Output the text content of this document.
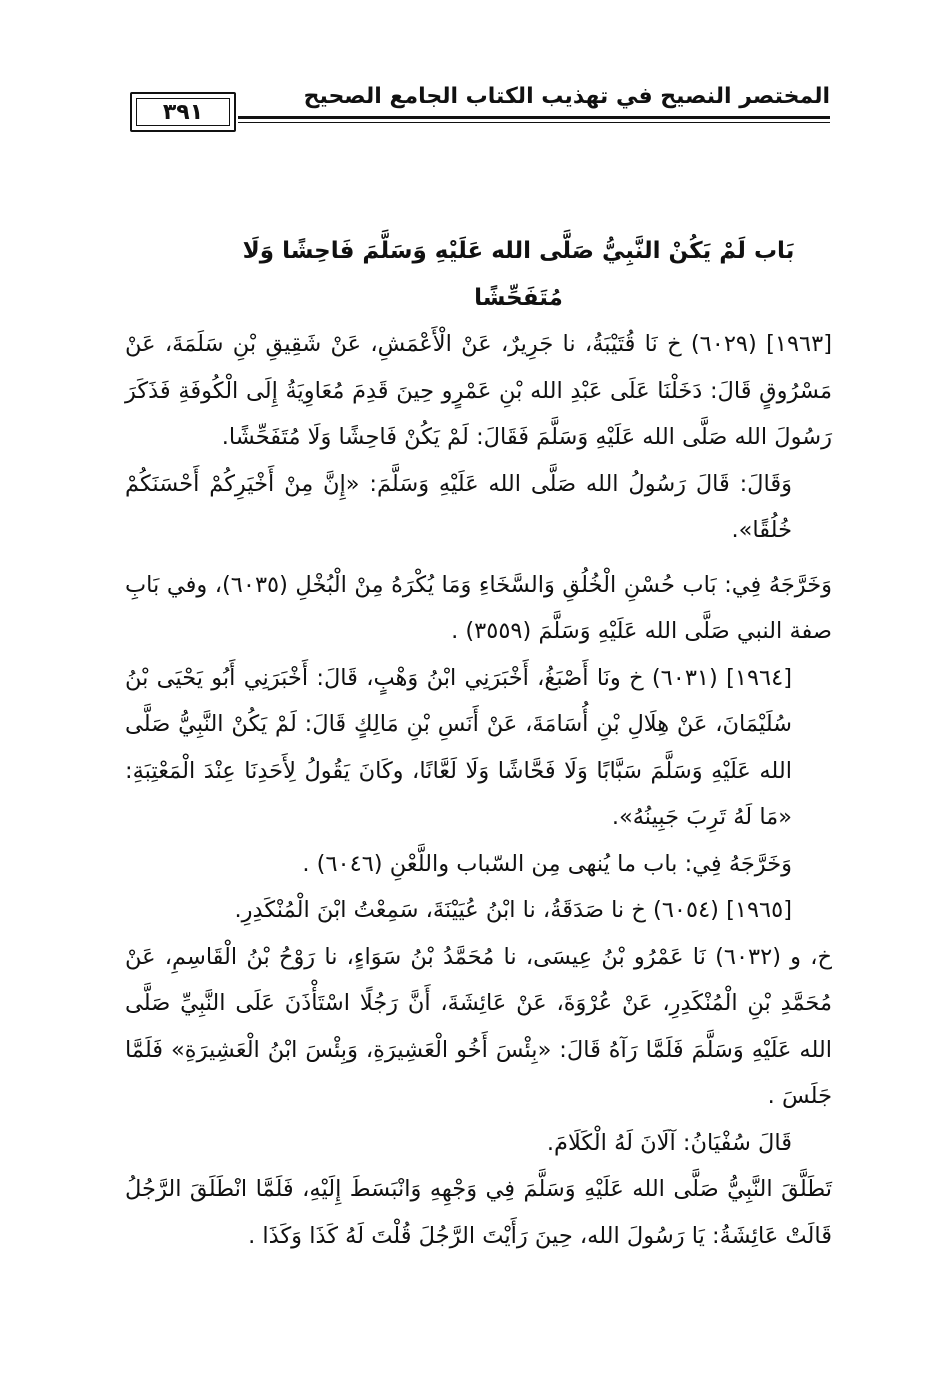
٣٩١
المختصر النصيح في تهذيب الكتاب الجامع الصحيح

بَاب لَمْ يَكُنْ النَّبِيُّ صَلَّى الله عَلَيْهِ وَسَلَّمَ فَاحِشًا وَلَا مُتَفَحِّشًا

[١٩٦٣] (٦٠٢٩) خ نَا قُتَيْبَةُ، نا جَرِيرٌ، عَنْ الْأَعْمَشِ، عَنْ شَقِيقِ بْنِ سَلَمَةَ، عَنْ مَسْرُوقٍ قَالَ: دَخَلْنَا عَلَى عَبْدِ الله بْنِ عَمْرٍو حِينَ قَدِمَ مُعَاوِيَةُ إِلَى الْكُوفَةِ فَذَكَرَ رَسُولَ الله صَلَّى الله عَلَيْهِ وَسَلَّمَ فَقَالَ: لَمْ يَكُنْ فَاحِشًا وَلَا مُتَفَحِّشًا.

وَقَالَ: قَالَ رَسُولُ الله صَلَّى الله عَلَيْهِ وَسَلَّمَ: «إِنَّ مِنْ أَخْيَرِكُمْ أَحْسَنَكُمْ خُلُقًا».

وَخَرَّجَهُ فِي: بَاب حُسْنِ الْخُلُقِ وَالسَّخَاءِ وَمَا يُكْرَهُ مِنْ الْبُخْلِ (٦٠٣٥)، وفي بَابِ صفة النبي صَلَّى الله عَلَيْهِ وَسَلَّمَ (٣٥٥٩) .

[١٩٦٤] (٦٠٣١) خ ونَا أَصْبَغُ، أَخْبَرَنِي ابْنُ وَهْبٍ، قَالَ: أَخْبَرَنِي أَبُو يَحْيَى بْنُ سُلَيْمَانَ، عَنْ هِلَالِ بْنِ أُسَامَةَ، عَنْ أَنَسِ بْنِ مَالِكٍ قَالَ: لَمْ يَكُنْ النَّبِيُّ صَلَّى الله عَلَيْهِ وَسَلَّمَ سَبَّابًا وَلَا فَحَّاشًا وَلَا لَعَّانًا، وكَانَ يَقُولُ لِأَحَدِنَا عِنْدَ الْمَعْتِبَةِ: «مَا لَهُ تَرِبَ جَبِينُهُ».

وَخَرَّجَهُ فِي: باب ما يُنهى مِن السّباب واللَّعْنِ (٦٠٤٦) .

[١٩٦٥] (٦٠٥٤) خ نا صَدَقَةُ، نا ابْنُ عُيَيْنَةَ، سَمِعْتُ ابْنَ الْمُنْكَدِرِ.

خ، و (٦٠٣٢) نَا عَمْرُو بْنُ عِيسَى، نا مُحَمَّدُ بْنُ سَوَاءٍ، نا رَوْحُ بْنُ الْقَاسِمِ، عَنْ مُحَمَّدِ بْنِ الْمُنْكَدِرِ، عَنْ عُرْوَةَ، عَنْ عَائِشَةَ، أَنَّ رَجُلًا اسْتَأْذَنَ عَلَى النَّبِيِّ صَلَّى الله عَلَيْهِ وَسَلَّمَ فَلَمَّا رَآهُ قَالَ: «بِئْسَ أَخُو الْعَشِيرَةِ، وَبِئْسَ ابْنُ الْعَشِيرَةِ» فَلَمَّا جَلَسَ .

قَالَ سُفْيَانُ: آلَانَ لَهُ الْكَلَامَ.

تَطَلَّقَ النَّبِيُّ صَلَّى الله عَلَيْهِ وَسَلَّمَ فِي وَجْهِهِ وَانْبَسَطَ إِلَيْهِ، فَلَمَّا انْطَلَقَ الرَّجُلُ قَالَتْ عَائِشَةُ: يَا رَسُولَ الله، حِينَ رَأَيْتَ الرَّجُلَ قُلْتَ لَهُ كَذَا وَكَذَا .
